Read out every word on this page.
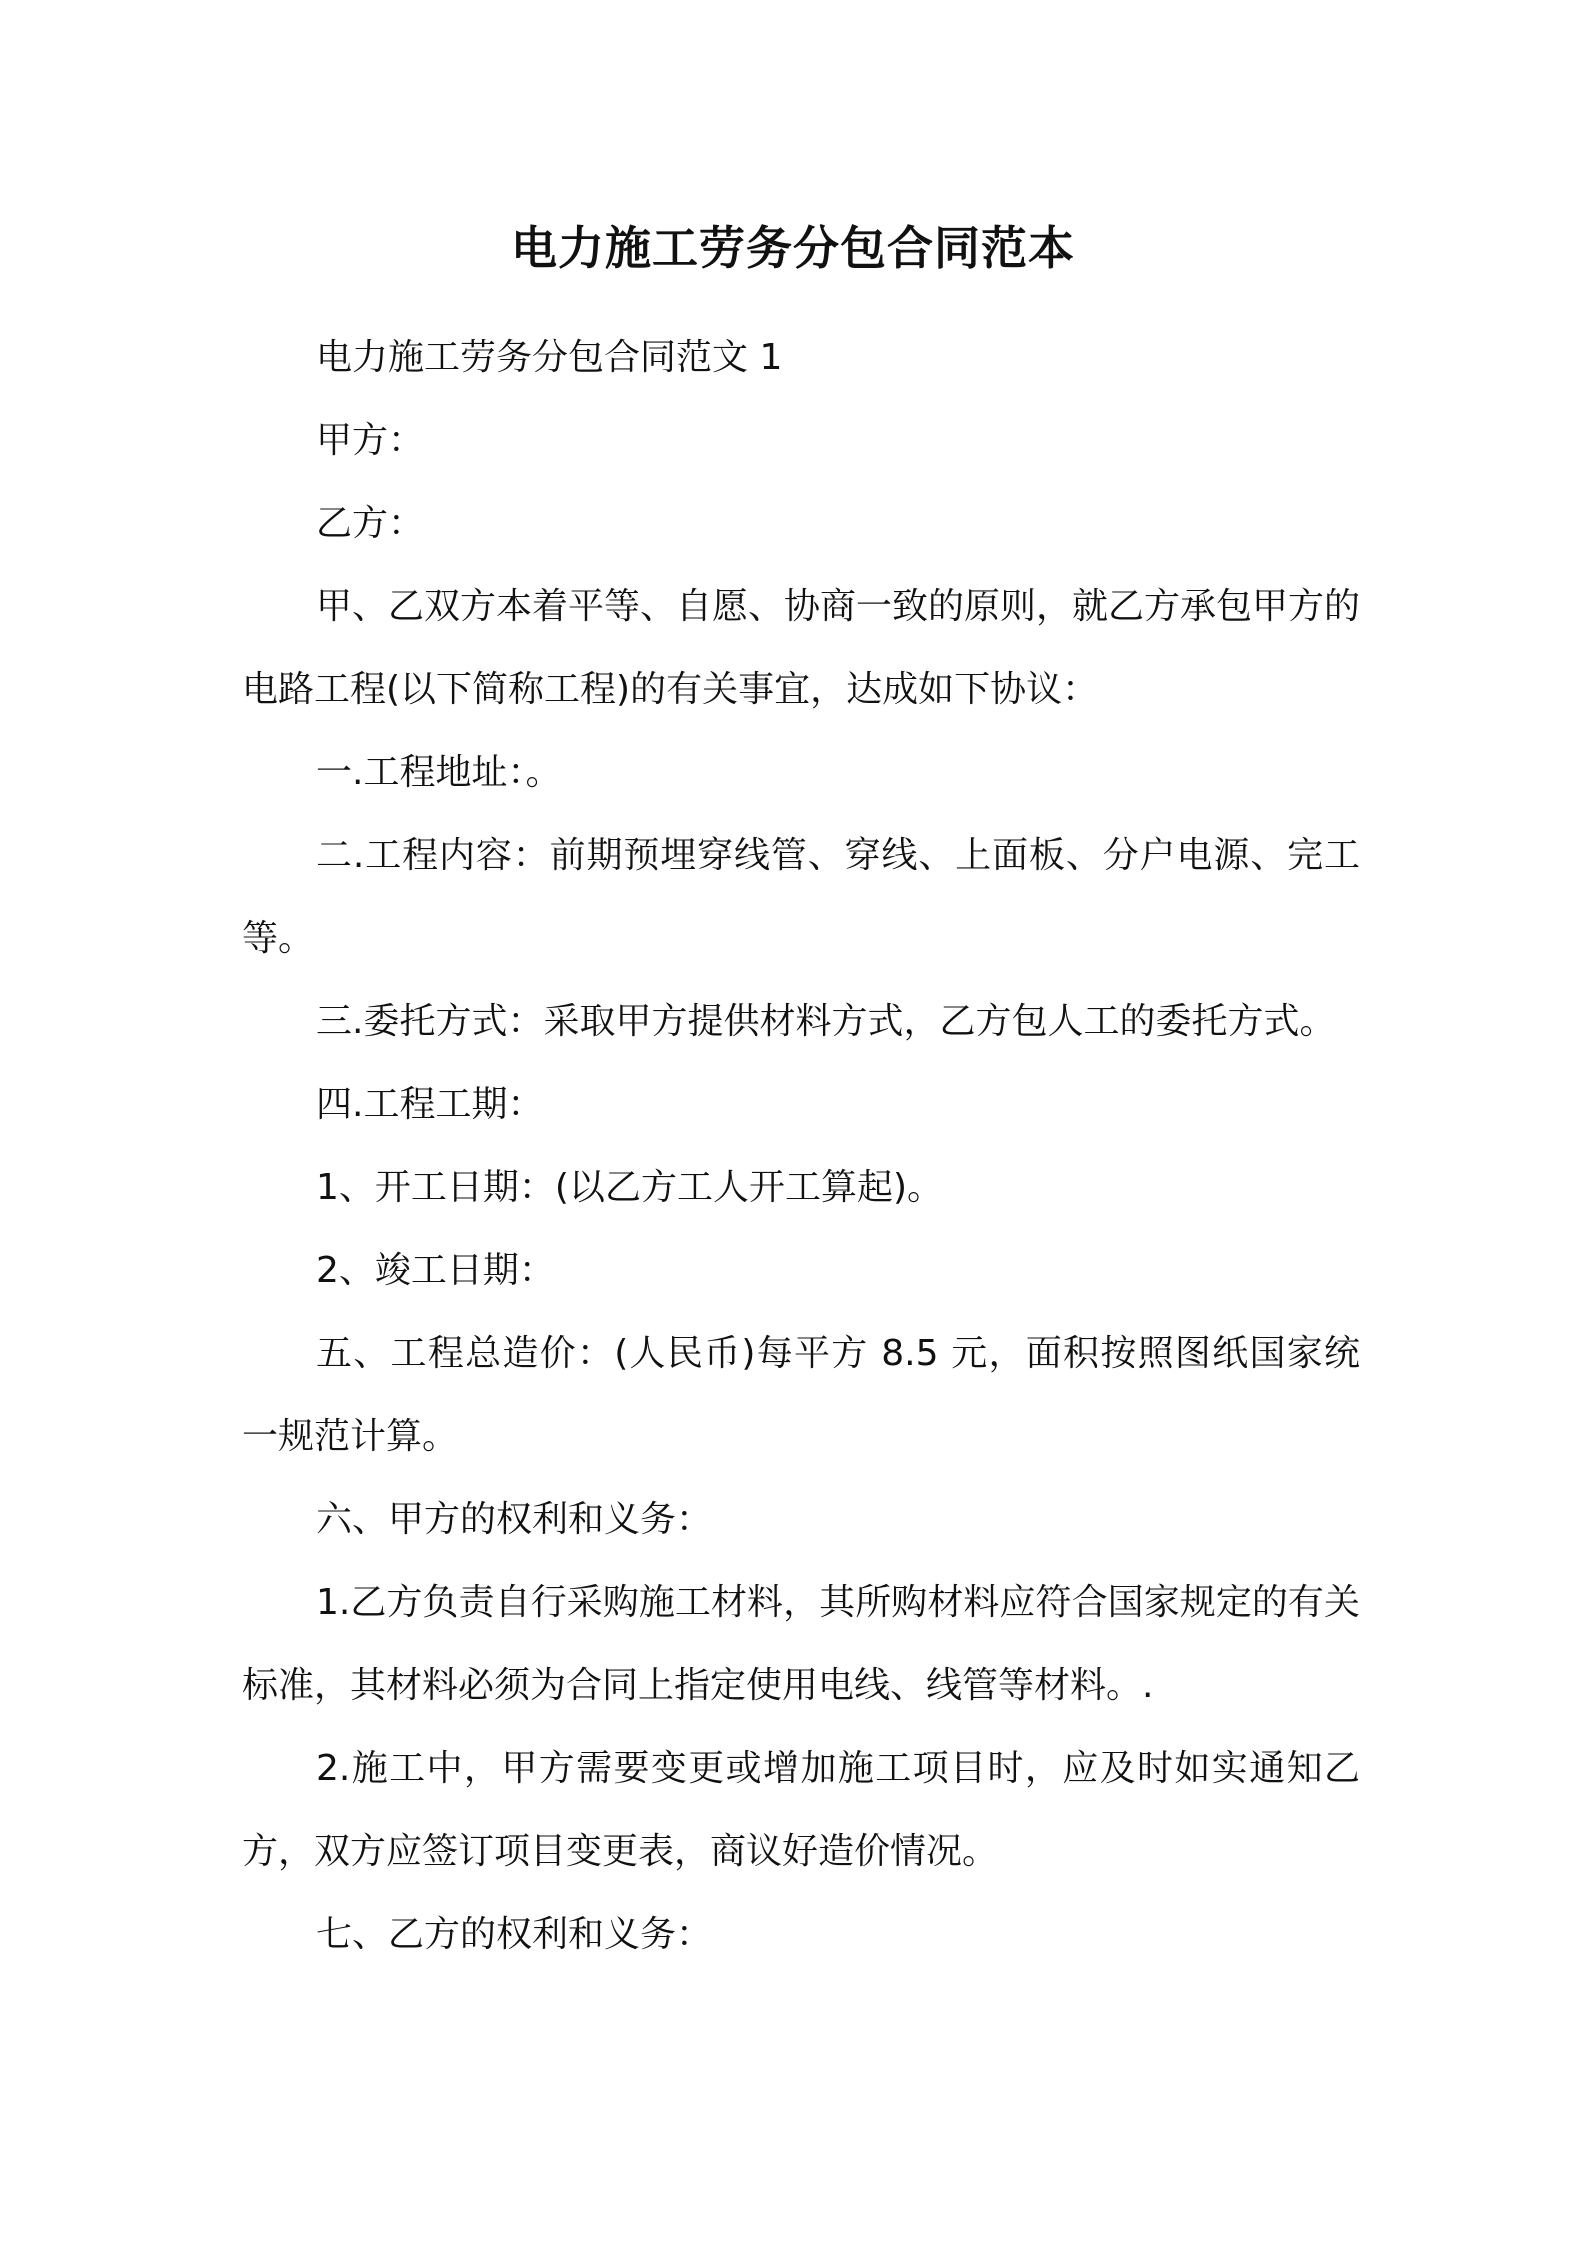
电力施工劳务分包合同范本

电力施工劳务分包合同范文 1

甲方：

乙方：

甲、乙双方本着平等、自愿、协商一致的原则，就乙方承包甲方的电路工程(以下简称工程)的有关事宜，达成如下协议：

一.工程地址：。

二.工程内容：前期预埋穿线管、穿线、上面板、分户电源、完工等。

三.委托方式：采取甲方提供材料方式，乙方包人工的委托方式。

四.工程工期：

1、开工日期：(以乙方工人开工算起)。

2、竣工日期：

五、工程总造价：(人民币)每平方 8.5 元，面积按照图纸国家统一规范计算。

六、甲方的权利和义务：

1.乙方负责自行采购施工材料，其所购材料应符合国家规定的有关标准，其材料必须为合同上指定使用电线、线管等材料。.

2.施工中，甲方需要变更或增加施工项目时，应及时如实通知乙方，双方应签订项目变更表，商议好造价情况。

七、乙方的权利和义务：
